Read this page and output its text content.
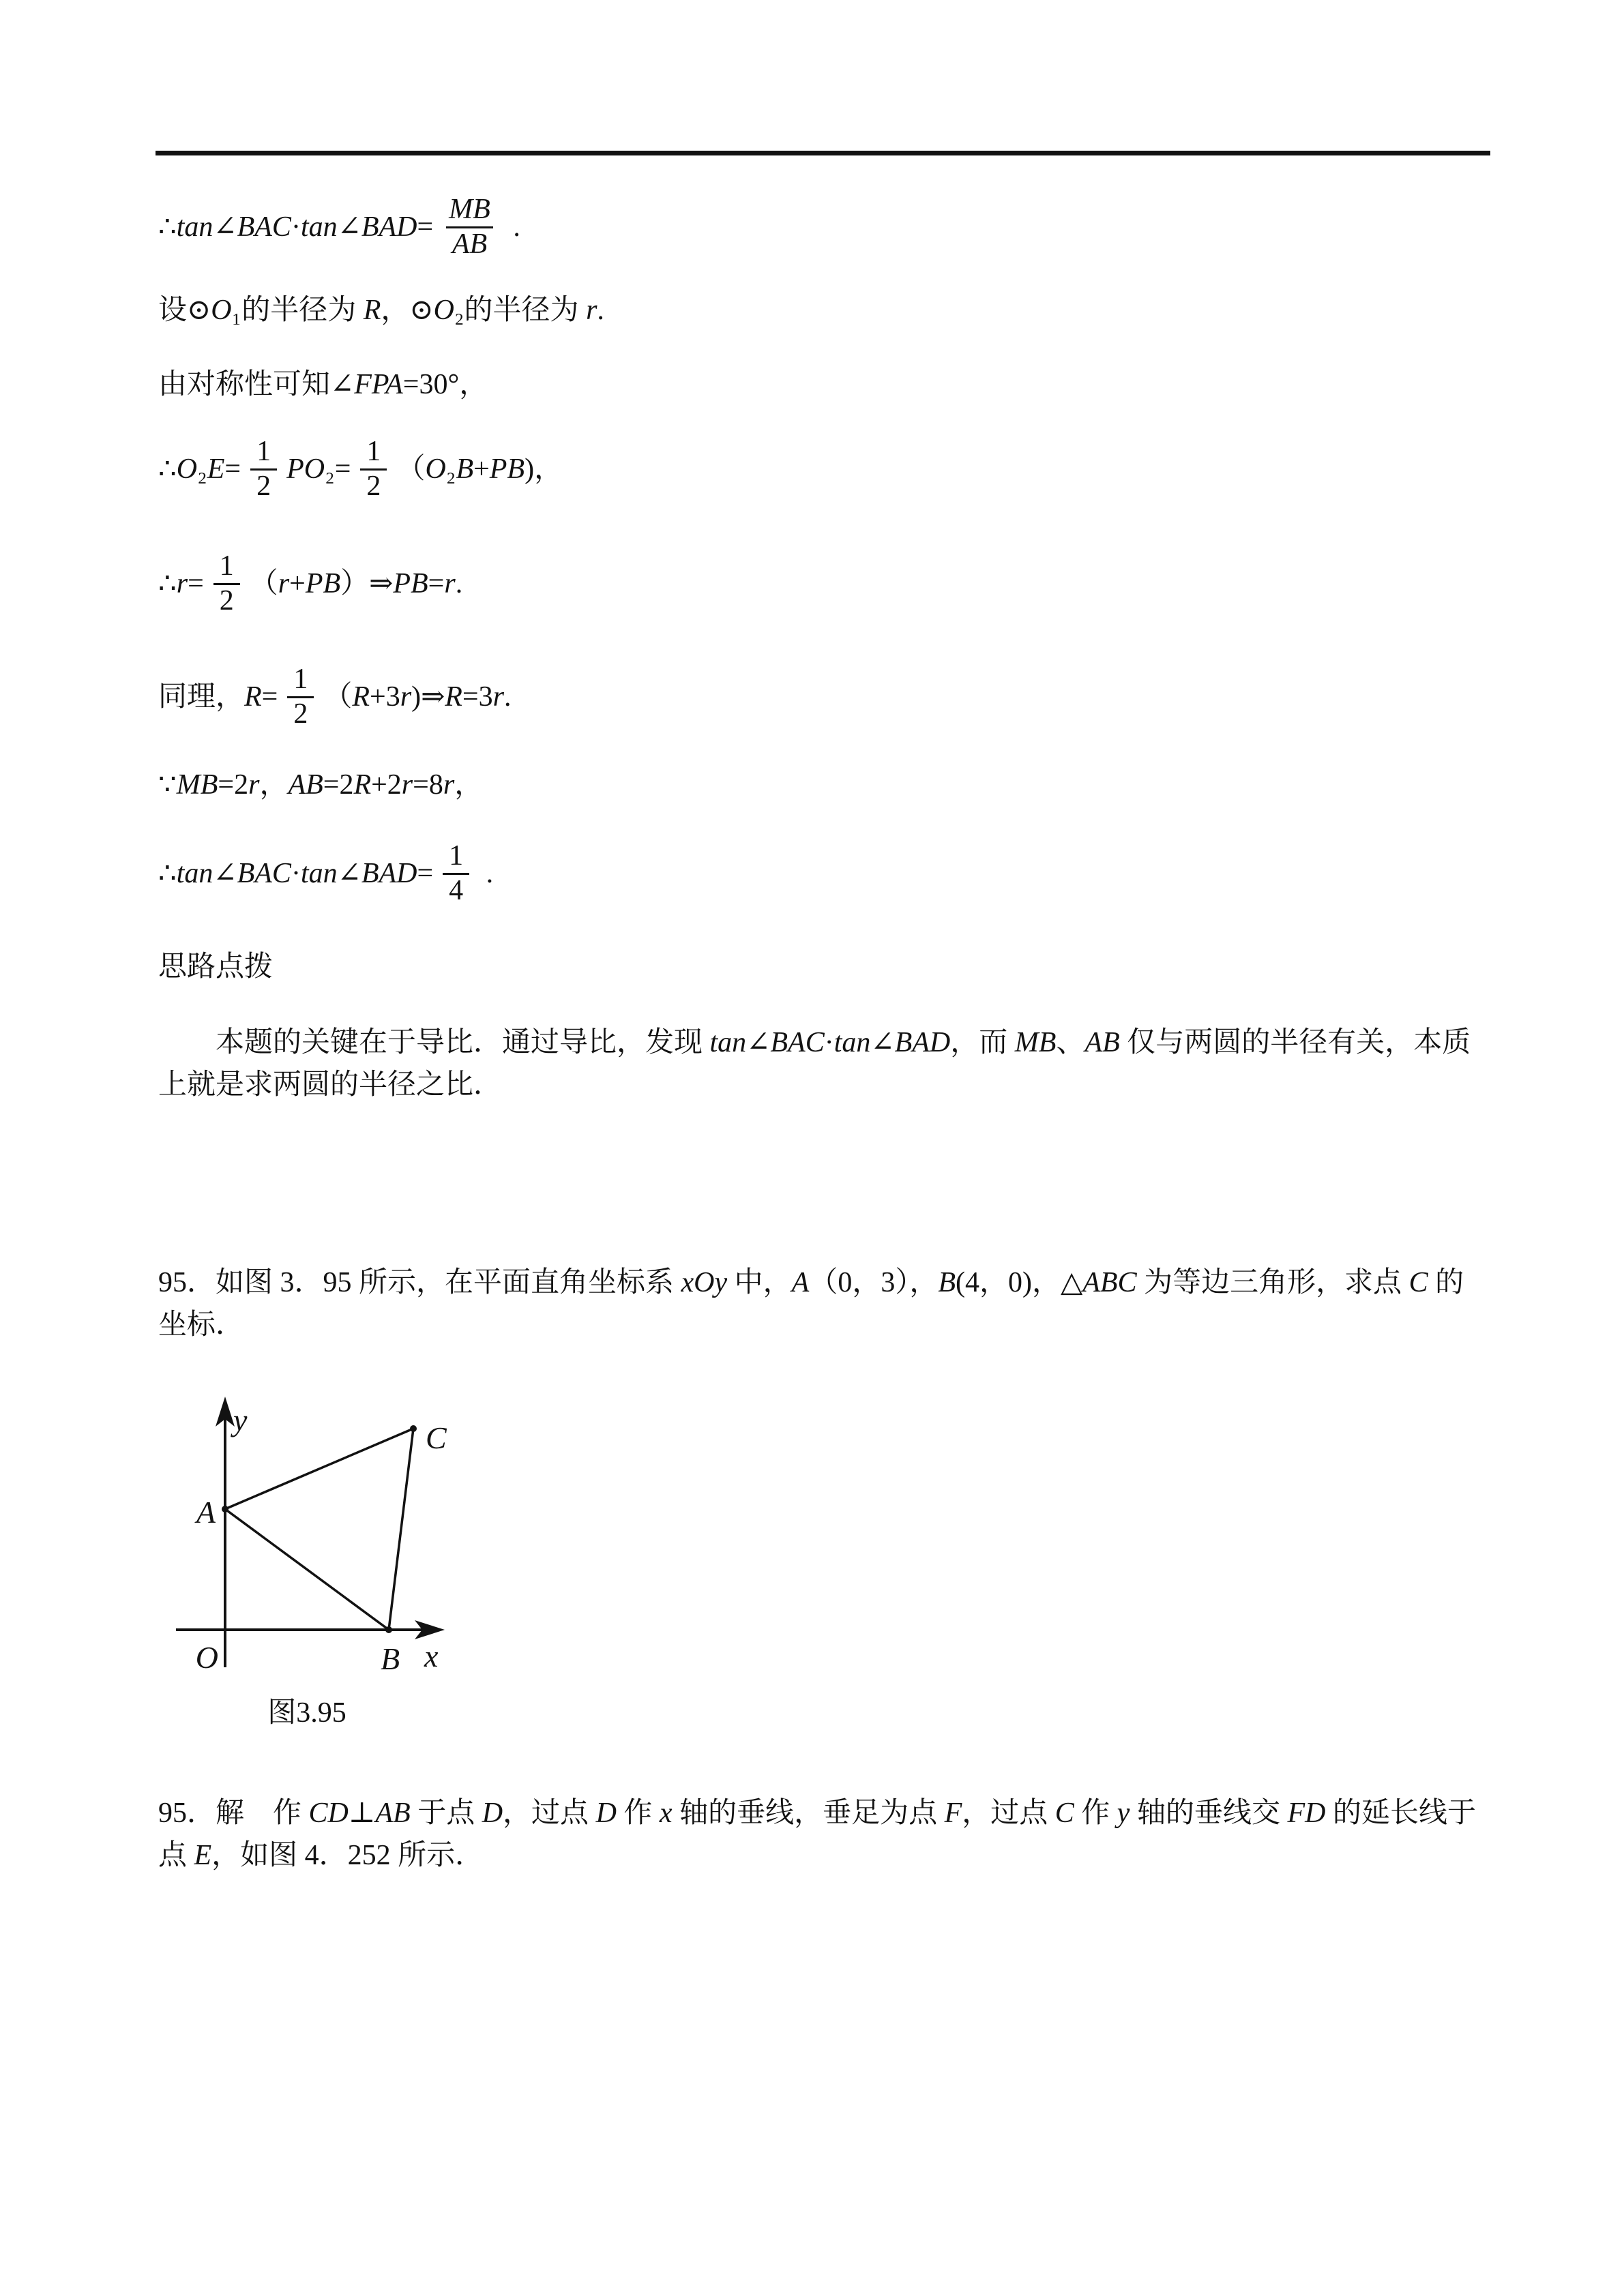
∴tan∠BAC·tan∠BAD= $\frac{MB}{AB}$ .
设⊙O₁的半径为 R，⊙O₂的半径为 r.
由对称性可知∠FPA=30°，
∴O₂E= $\frac{1}{2} PO_2= \frac{1}{2} (O_2B+PB)$，
∴r= $\frac{1}{2}$ （r+PB）⇒PB=r.
同理，$R= \frac{1}{2}$ （R+3r)⇒R=3r.
∵MB=2r，AB=2R+2r=8r，
∴tan∠BAC·tan∠BAD= $\frac{1}{4}$ .
思路点拨
本题的关键在于导比．通过导比，发现 tan∠BAC·tan∠BAD，而 MB、AB 仅与两圆的半径有关，本质
上就是求两圆的半径之比．
95．如图 3．95 所示，在平面直角坐标系 xOy 中，A（0，3），B(4，0)，△ABC 为等边三角形，求点 C 的
坐标．
y
x
O
A
B
C
图3.95
95．解　作 CD⊥AB 于点 D，过点 D 作 x 轴的垂线，垂足为点 F，过点 C 作 y 轴的垂线交 FD 的延长线于
点 E，如图 4．252 所示．
